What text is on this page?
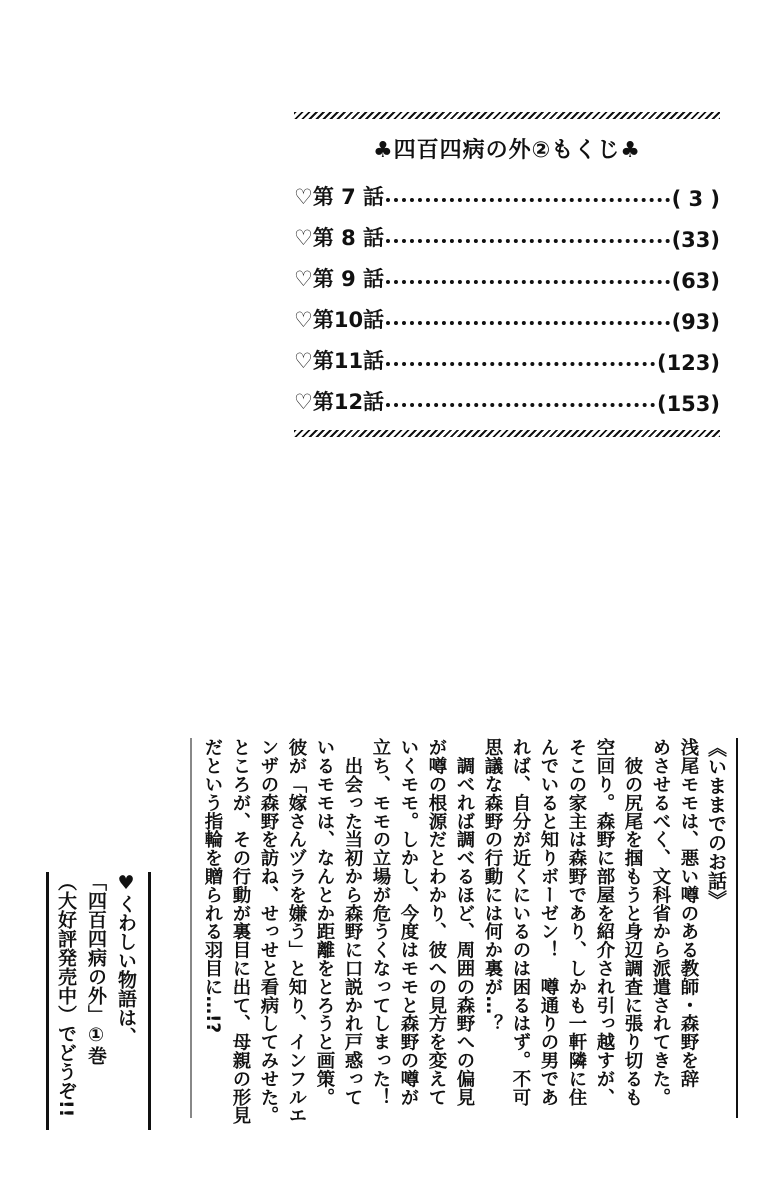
♣四百四病の外②もくじ♣
♡第 7 話	( 3 )
♡第 8 話	(33)
♡第 9 話	(63)
♡第10話	(93)
♡第11話	(123)
♡第12話	(153)
《いままでのお話》
浅尾モモは、悪い噂のある教師・森野を辞
めさせるべく、文科省から派遣されてきた。
　彼の尻尾を掴もうと身辺調査に張り切るも
空回り。森野に部屋を紹介され引っ越すが、
そこの家主は森野であり、しかも一軒隣に住
んでいると知りボーゼン！　噂通りの男であ
れば、自分が近くにいるのは困るはず。不可
思議な森野の行動には何か裏が…？
　調べれば調べるほど、周囲の森野への偏見
が噂の根源だとわかり、彼への見方を変えて
いくモモ。しかし、今度はモモと森野の噂が
立ち、モモの立場が危うくなってしまった！
　出会った当初から森野に口説かれ戸惑って
いるモモは、なんとか距離をとろうと画策。
彼が「嫁さんヅラを嫌う」と知り、インフルエ
ンザの森野を訪ね、せっせと看病してみせた。
ところが、その行動が裏目に出て、母親の形見
だという指輪を贈られる羽目に…!?
♥くわしい物語は、
「四百四病の外」①巻
（大好評発売中）でどうぞ!!
